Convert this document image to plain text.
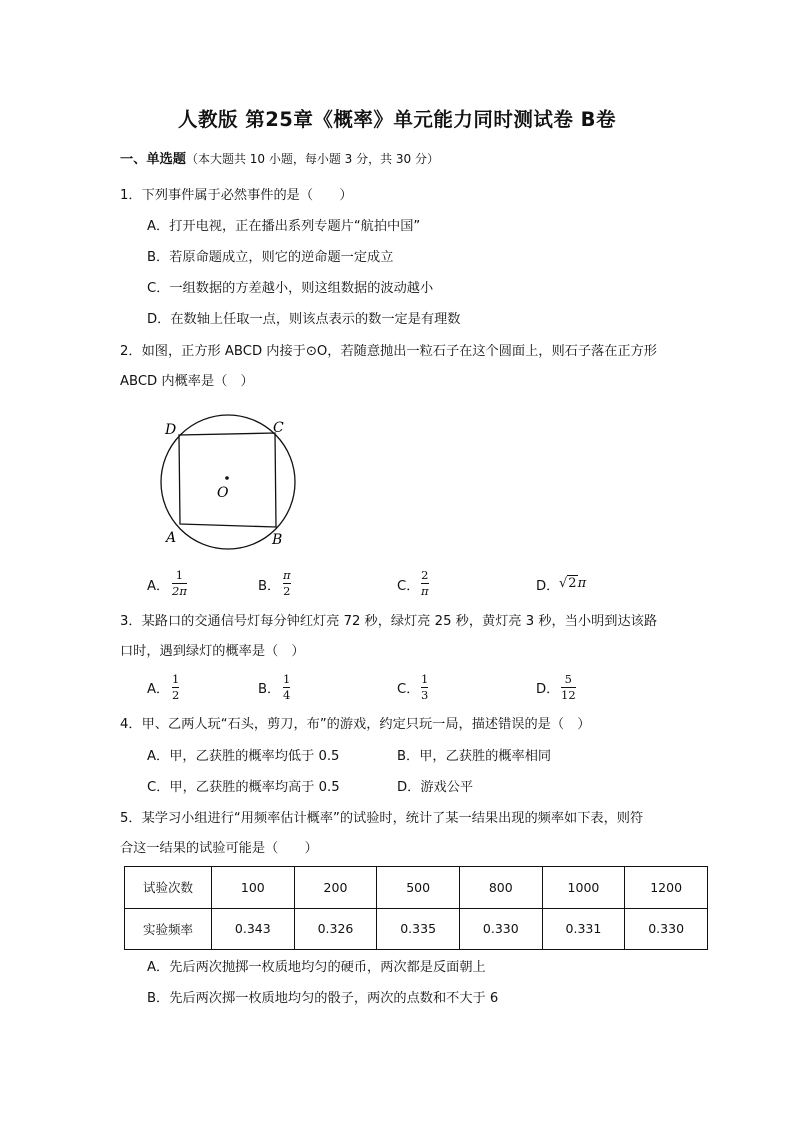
人教版 第25章《概率》单元能力同时测试卷 B卷
一、单选题（本大题共 10 小题，每小题 3 分，共 30 分）
1．下列事件属于必然事件的是（　　）
A．打开电视，正在播出系列专题片“航拍中国”
B．若原命题成立，则它的逆命题一定成立
C．一组数据的方差越小，则这组数据的波动越小
D．在数轴上任取一点，则该点表示的数一定是有理数
2．如图，正方形 ABCD 内接于⊙O，若随意抛出一粒石子在这个圆面上，则石子落在正方形
ABCD 内概率是（　）
D	C
O
A	B
A．
1
2π	B．
π
2	C．
2
π	D． √2π
3．某路口的交通信号灯每分钟红灯亮 72 秒，绿灯亮 25 秒，黄灯亮 3 秒，当小明到达该路
口时，遇到绿灯的概率是（　）
A．
1
2	B．
1
4	C．
1
3	D．
5
12
4．甲、乙两人玩“石头，剪刀，布”的游戏，约定只玩一局，描述错误的是（　）
A．甲，乙获胜的概率均低于 0.5	B．甲，乙获胜的概率相同
C．甲，乙获胜的概率均高于 0.5	D．游戏公平
5．某学习小组进行“用频率估计概率”的试验时，统计了某一结果出现的频率如下表，则符
合这一结果的试验可能是（　　）
试验次数	100	200	500	800	1000	1200
实验频率	0.343	0.326	0.335	0.330	0.331	0.330
A．先后两次抛掷一枚质地均匀的硬币，两次都是反面朝上
B．先后两次掷一枚质地均匀的骰子，两次的点数和不大于 6
